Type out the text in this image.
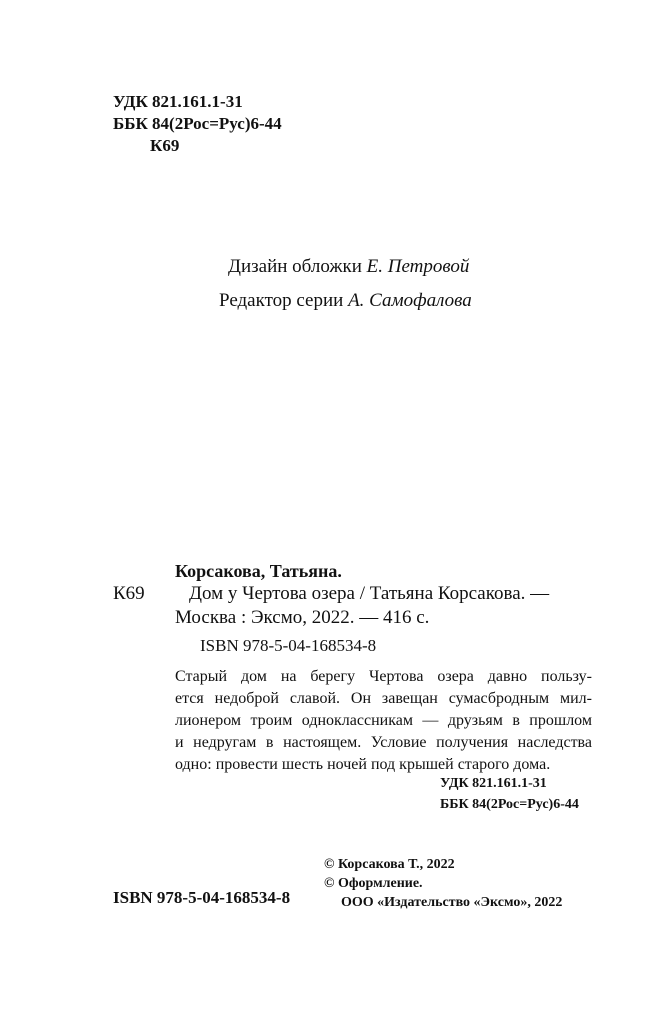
УДК 821.161.1-31
ББК 84(2Рос=Рус)6-44
К69
Дизайн обложки Е. Петровой
Редактор серии А. Самофалова
Корсакова, Татьяна.
К69 Дом у Чертова озера / Татьяна Корсакова. —
Москва : Эксмо, 2022. — 416 с.
ISBN 978-5-04-168534-8
Старый дом на берегу Чертова озера давно пользу-
ется недоброй славой. Он завещан сумасбродным мил-
лионером троим одноклассникам — друзьям в прошлом
и недругам в настоящем. Условие получения наследства
одно: провести шесть ночей под крышей старого дома.
УДК 821.161.1-31
ББК 84(2Рос=Рус)6-44
© Корсакова Т., 2022
© Оформление.
ООО «Издательство «Эксмо», 2022
ISBN 978-5-04-168534-8
